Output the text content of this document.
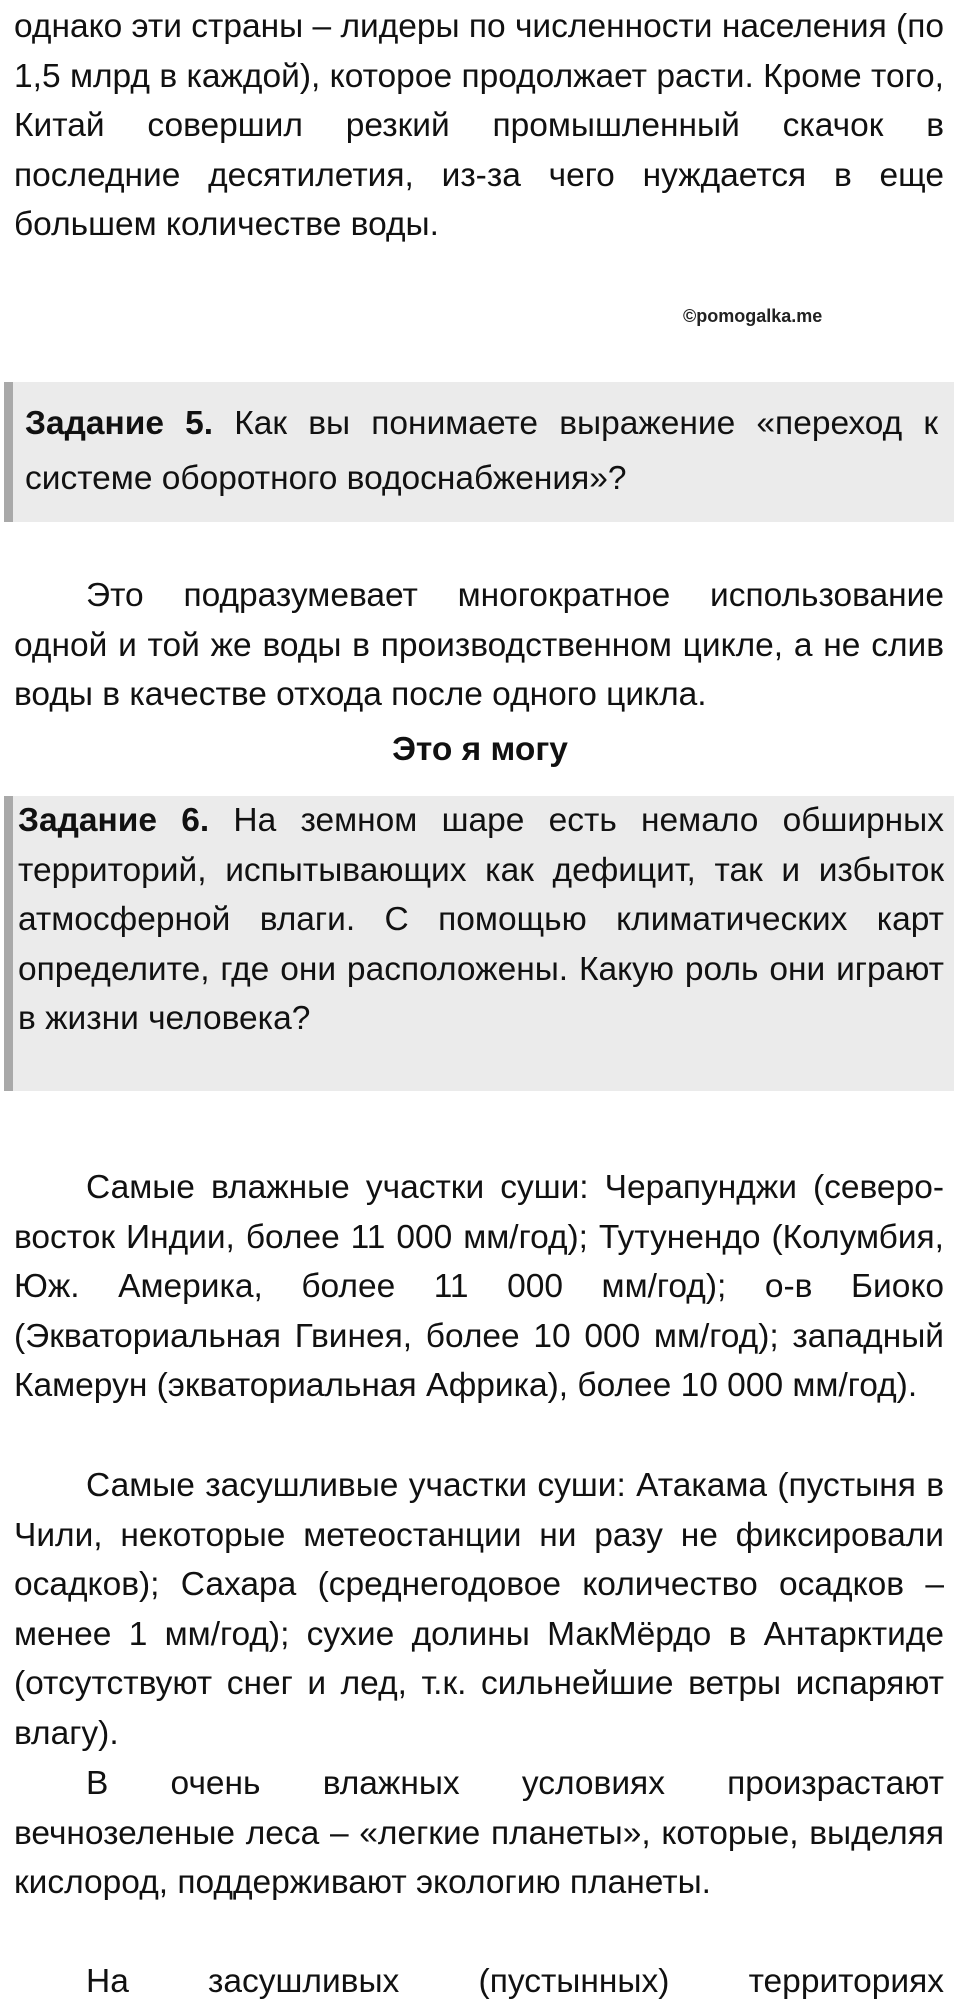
однако эти страны – лидеры по численности населения (по 1,5 млрд в каждой), которое продолжает расти. Кроме того, Китай совершил резкий промышленный скачок в последние десятилетия, из-за чего нуждается в еще большем количестве воды.

©pomogalka.me

Задание 5. Как вы понимаете выражение «переход к системе оборотного водоснабжения»?

Это подразумевает многократное использование одной и той же воды в производственном цикле, а не слив воды в качестве отхода после одного цикла.

Это я могу

Задание 6. На земном шаре есть немало обширных территорий, испытывающих как дефицит, так и избыток атмосферной влаги. С помощью климатических карт определите, где они расположены. Какую роль они играют в жизни человека?

Самые влажные участки суши: Черапунджи (северо-восток Индии, более 11 000 мм/год); Тутунендо (Колумбия, Юж. Америка, более 11 000 мм/год); о-в Биоко (Экваториальная Гвинея, более 10 000 мм/год); западный Камерун (экваториальная Африка), более 10 000 мм/год).

Самые засушливые участки суши: Атакама (пустыня в Чили, некоторые метеостанции ни разу не фиксировали осадков); Сахара (среднегодовое количество осадков – менее 1 мм/год); сухие долины МакМёрдо в Антарктиде (отсутствуют снег и лед, т.к. сильнейшие ветры испаряют влагу).

В очень влажных условиях произрастают вечнозеленые леса – «легкие планеты», которые, выделяя кислород, поддерживают экологию планеты.

На засушливых (пустынных) территориях
